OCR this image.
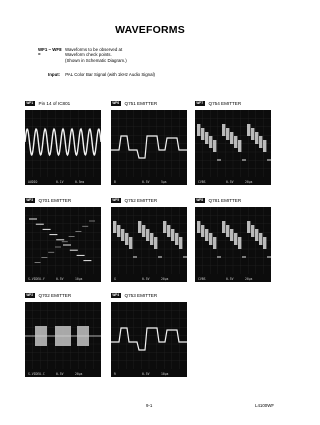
WAVEFORMS
WF1 ~ WF8 =
Waveforms to be observed at
Waveform check points.
(Shown in Schematic Diagram.)
Input: PAL Color Bar Signal (with 1kHz Audio Signal)
WF1	Pin 14 of IC801
AUDIO	0.1V	0.5ms
WF6	Q751 EMITTER
B	0.5V	5µs
WF7	Q754 EMITTER
CVBS	0.5V	20µs
WF3	Q701 EMITTER
S-VIDEO-Y	0.5V	10µs
WF5	Q752 EMITTER
G	0.5V	20µs
WF8	Q781 EMITTER
CVBS	0.5V	20µs
WF2	Q702 EMITTER
S-VIDEO-C	0.5V	20µs
WF4	Q753 EMITTER
R	0.5V	10µs
9-1	L4100WF
